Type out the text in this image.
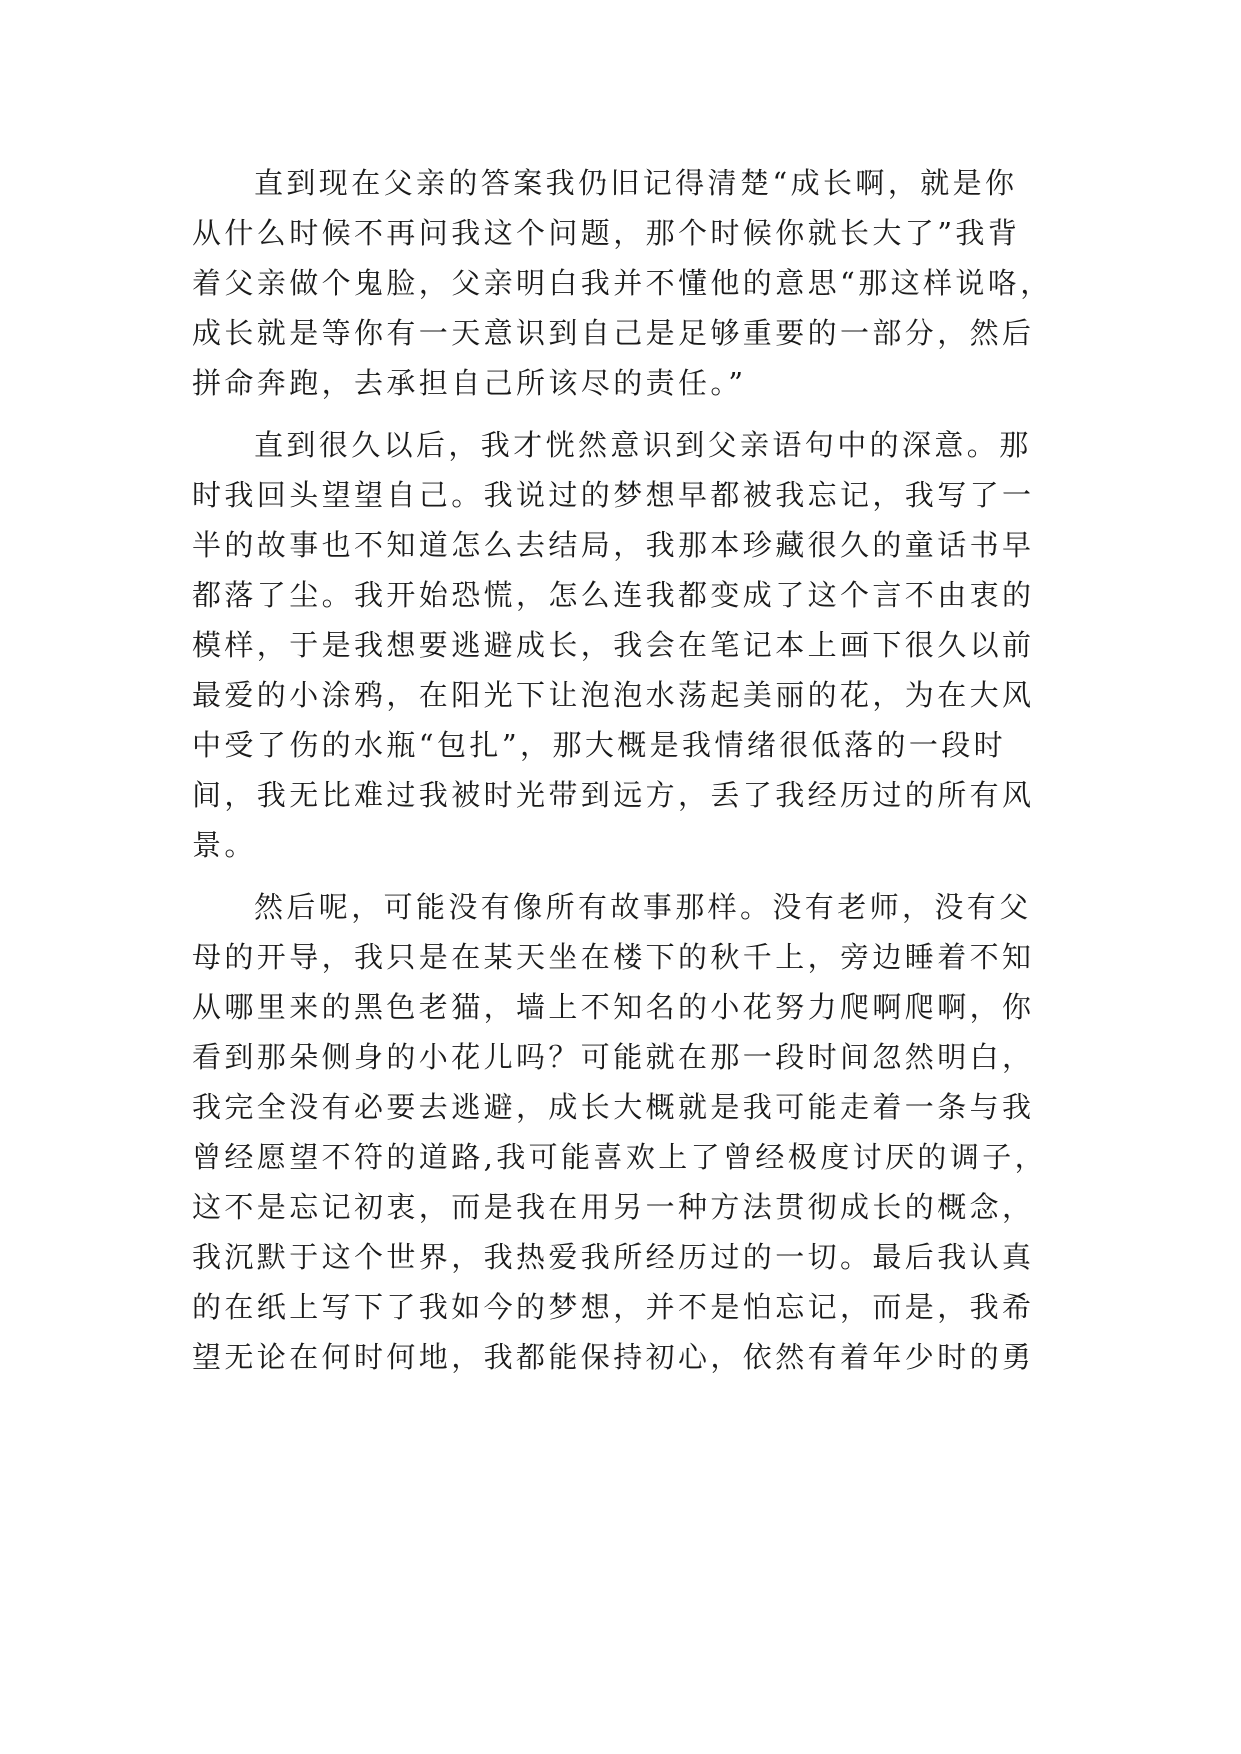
直到现在父亲的答案我仍旧记得清楚“成长啊，就是你
从什么时候不再问我这个问题，那个时候你就长大了”我背
着父亲做个鬼脸，父亲明白我并不懂他的意思“那这样说咯，
成长就是等你有一天意识到自己是足够重要的一部分，然后
拼命奔跑，去承担自己所该尽的责任。”
直到很久以后，我才恍然意识到父亲语句中的深意。那
时我回头望望自己。我说过的梦想早都被我忘记，我写了一
半的故事也不知道怎么去结局，我那本珍藏很久的童话书早
都落了尘。我开始恐慌，怎么连我都变成了这个言不由衷的
模样，于是我想要逃避成长，我会在笔记本上画下很久以前
最爱的小涂鸦，在阳光下让泡泡水荡起美丽的花，为在大风
中受了伤的水瓶“包扎”，那大概是我情绪很低落的一段时
间，我无比难过我被时光带到远方，丢了我经历过的所有风
景。
然后呢，可能没有像所有故事那样。没有老师，没有父
母的开导，我只是在某天坐在楼下的秋千上，旁边睡着不知
从哪里来的黑色老猫，墙上不知名的小花努力爬啊爬啊，你
看到那朵侧身的小花儿吗？可能就在那一段时间忽然明白，
我完全没有必要去逃避，成长大概就是我可能走着一条与我
曾经愿望不符的道路,我可能喜欢上了曾经极度讨厌的调子，
这不是忘记初衷，而是我在用另一种方法贯彻成长的概念，
我沉默于这个世界，我热爱我所经历过的一切。最后我认真
的在纸上写下了我如今的梦想，并不是怕忘记，而是，我希
望无论在何时何地，我都能保持初心，依然有着年少时的勇
